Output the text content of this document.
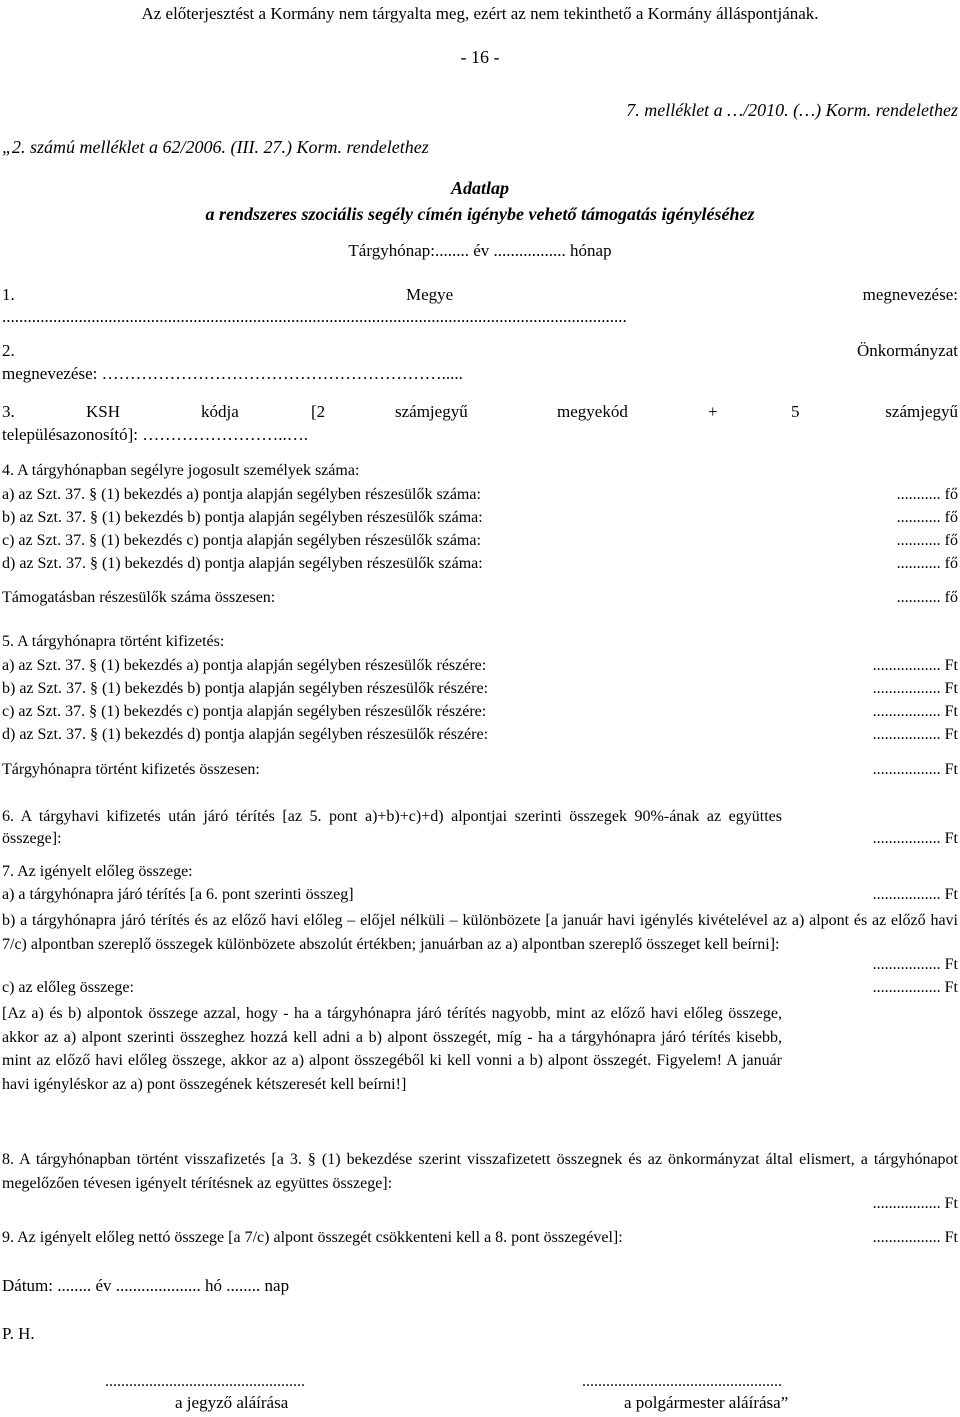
Az előterjesztést a Kormány nem tárgyalta meg, ezért az nem tekinthető a Kormány álláspontjának.
- 16 -
7. melléklet a …/2010. (…) Korm. rendelethez
„2. számú melléklet a 62/2006. (III. 27.) Korm. rendelethez
Adatlap
a rendszeres szociális segély címén igénybe vehető támogatás igényléséhez
Tárgyhónap:........ év ................. hónap
1.	Megye	megnevezése:
...................................................................................................................................................
2.	Önkormányzat
megnevezése: …………………………………………………….....
3.	KSH	kódja	[2	számjegyű	megyekód	+	5	számjegyű
településazonosító]: ……………………..….
4. A tárgyhónapban segélyre jogosult személyek száma:
a) az Szt. 37. § (1) bekezdés a) pontja alapján segélyben részesülők száma:	........... fő
b) az Szt. 37. § (1) bekezdés b) pontja alapján segélyben részesülők száma:	........... fő
c) az Szt. 37. § (1) bekezdés c) pontja alapján segélyben részesülők száma:	........... fő
d) az Szt. 37. § (1) bekezdés d) pontja alapján segélyben részesülők száma:	........... fő
Támogatásban részesülők száma összesen:	........... fő
5. A tárgyhónapra történt kifizetés:
a) az Szt. 37. § (1) bekezdés a) pontja alapján segélyben részesülők részére:	................. Ft
b) az Szt. 37. § (1) bekezdés b) pontja alapján segélyben részesülők részére:	................. Ft
c) az Szt. 37. § (1) bekezdés c) pontja alapján segélyben részesülők részére:	................. Ft
d) az Szt. 37. § (1) bekezdés d) pontja alapján segélyben részesülők részére:	................. Ft
Tárgyhónapra történt kifizetés összesen:	................. Ft
6. A tárgyhavi kifizetés után járó térítés [az 5. pont a)+b)+c)+d) alpontjai szerinti összegek 90%-ának az együttes összege]:	................. Ft
7. Az igényelt előleg összege:
a) a tárgyhónapra járó térítés [a 6. pont szerinti összeg]	................. Ft
b) a tárgyhónapra járó térítés és az előző havi előleg – előjel nélküli – különbözete [a január havi igénylés kivételével az a) alpont és az előző havi 7/c) alpontban szereplő összegek különbözete abszolút értékben; januárban az a) alpontban szereplő összeget kell beírni]:
................. Ft
c) az előleg összege:	................. Ft
[Az a) és b) alpontok összege azzal, hogy - ha a tárgyhónapra járó térítés nagyobb, mint az előző havi előleg összege, akkor az a) alpont szerinti összeghez hozzá kell adni a b) alpont összegét, míg - ha a tárgyhónapra járó térítés kisebb, mint az előző havi előleg összege, akkor az a) alpont összegéből ki kell vonni a b) alpont összegét. Figyelem! A január havi igényléskor az a) pont összegének kétszeresét kell beírni!]
8. A tárgyhónapban történt visszafizetés [a 3. § (1) bekezdése szerint visszafizetett összegnek és az önkormányzat által elismert, a tárgyhónapot megelőzően tévesen igényelt térítésnek az együttes összege]:
................. Ft
9. Az igényelt előleg nettó összege [a 7/c) alpont összegét csökkenteni kell a 8. pont összegével]:	................. Ft
Dátum: ........ év .................... hó ........ nap
P. H.
..................................................	..................................................
a jegyző aláírása	a polgármester aláírása”
